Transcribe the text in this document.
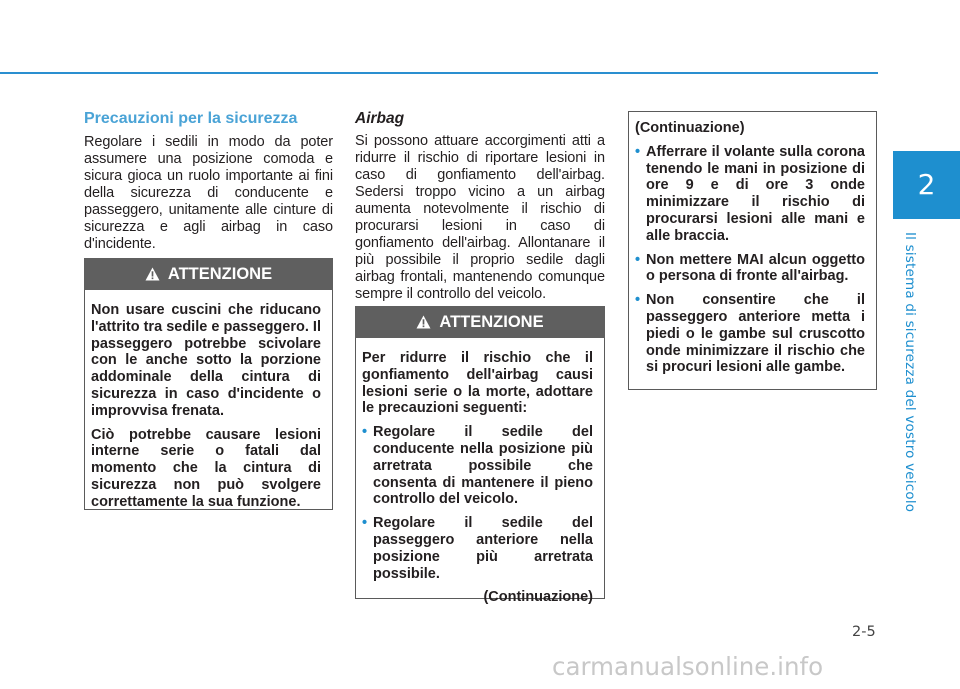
2
Il sistema di sicurezza del vostro veicolo
Precauzioni per la sicurezza
Regolare i sedili in modo da poter assumere una posizione comoda e sicura gioca un ruolo importante ai fini della sicurezza di conducente e passeggero, unitamente alle cinture di sicurezza e agli airbag in caso d'incidente.
ATTENZIONE

Non usare cuscini che riducano l'attrito tra sedile e passeggero. Il passeggero potrebbe scivolare con le anche sotto la porzione addominale della cintura di sicurezza in caso d'incidente o improvvisa frenata.

Ciò potrebbe causare lesioni interne serie o fatali dal momento che la cintura di sicurezza non può svolgere correttamente la sua funzione.

Airbag
Si possono attuare accorgimenti atti a ridurre il rischio di riportare lesioni in caso di gonfiamento dell'airbag. Sedersi troppo vicino a un airbag aumenta notevolmente il rischio di procurarsi lesioni in caso di gonfiamento dell'airbag. Allontanare il più possibile il proprio sedile dagli airbag frontali, mantenendo comunque sempre il controllo del veicolo.
ATTENZIONE

Per ridurre il rischio che il gonfiamento dell'airbag causi lesioni serie o la morte, adottare le precauzioni seguenti:

• Regolare il sedile del conducente nella posizione più arretrata possibile che consenta di mantenere il pieno controllo del veicolo.
• Regolare il sedile del passeggero anteriore nella posizione più arretrata possibile.

(Continuazione)

(Continuazione)

• Afferrare il volante sulla corona tenendo le mani in posizione di ore 9 e di ore 3 onde minimizzare il rischio di procurarsi lesioni alle mani e alle braccia.
• Non mettere MAI alcun oggetto o persona di fronte all'airbag.
• Non consentire che il passeggero anteriore metta i piedi o le gambe sul cruscotto onde minimizzare il rischio che si procuri lesioni alle gambe.
2-5
carmanualsonline.info
